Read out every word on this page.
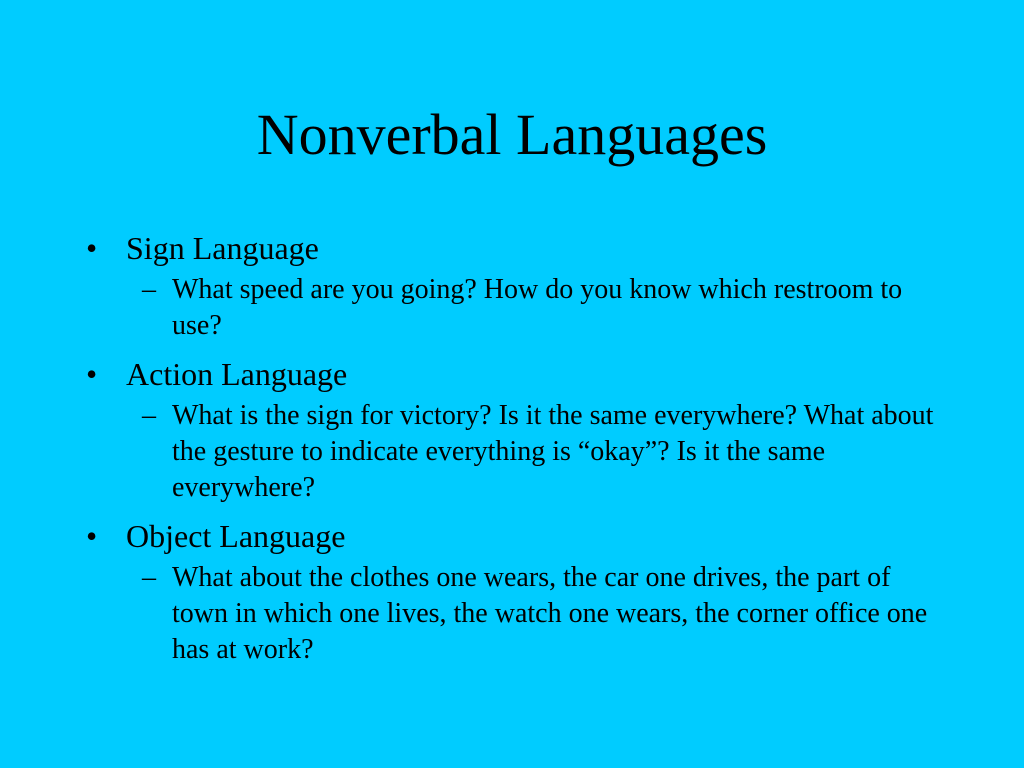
Nonverbal Languages
• Sign Language
– What speed are you going? How do you know which restroom to use?
• Action Language
– What is the sign for victory? Is it the same everywhere? What about the gesture to indicate everything is “okay”? Is it the same everywhere?
• Object Language
– What about the clothes one wears, the car one drives, the part of town in which one lives, the watch one wears, the corner office one has at work?
